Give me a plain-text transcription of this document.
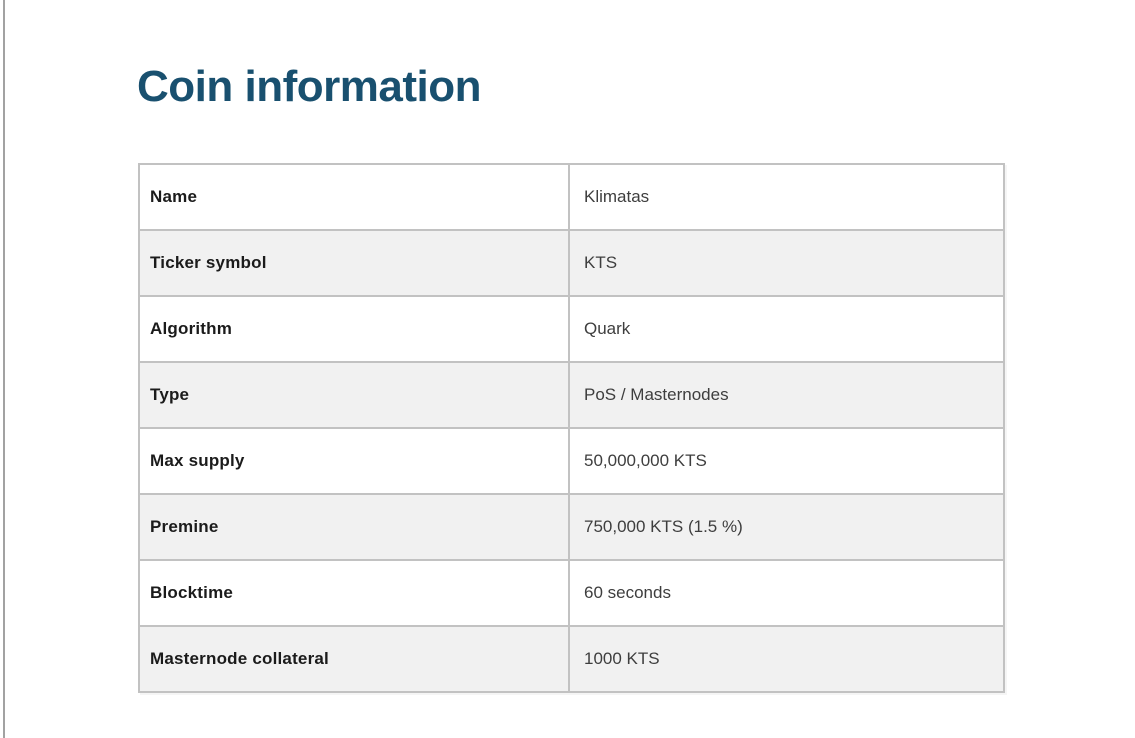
Coin information
Name	Klimatas
Ticker symbol	KTS
Algorithm	Quark
Type	PoS / Masternodes
Max supply	50,000,000 KTS
Premine	750,000 KTS (1.5 %)
Blocktime	60 seconds
Masternode collateral	1000 KTS
